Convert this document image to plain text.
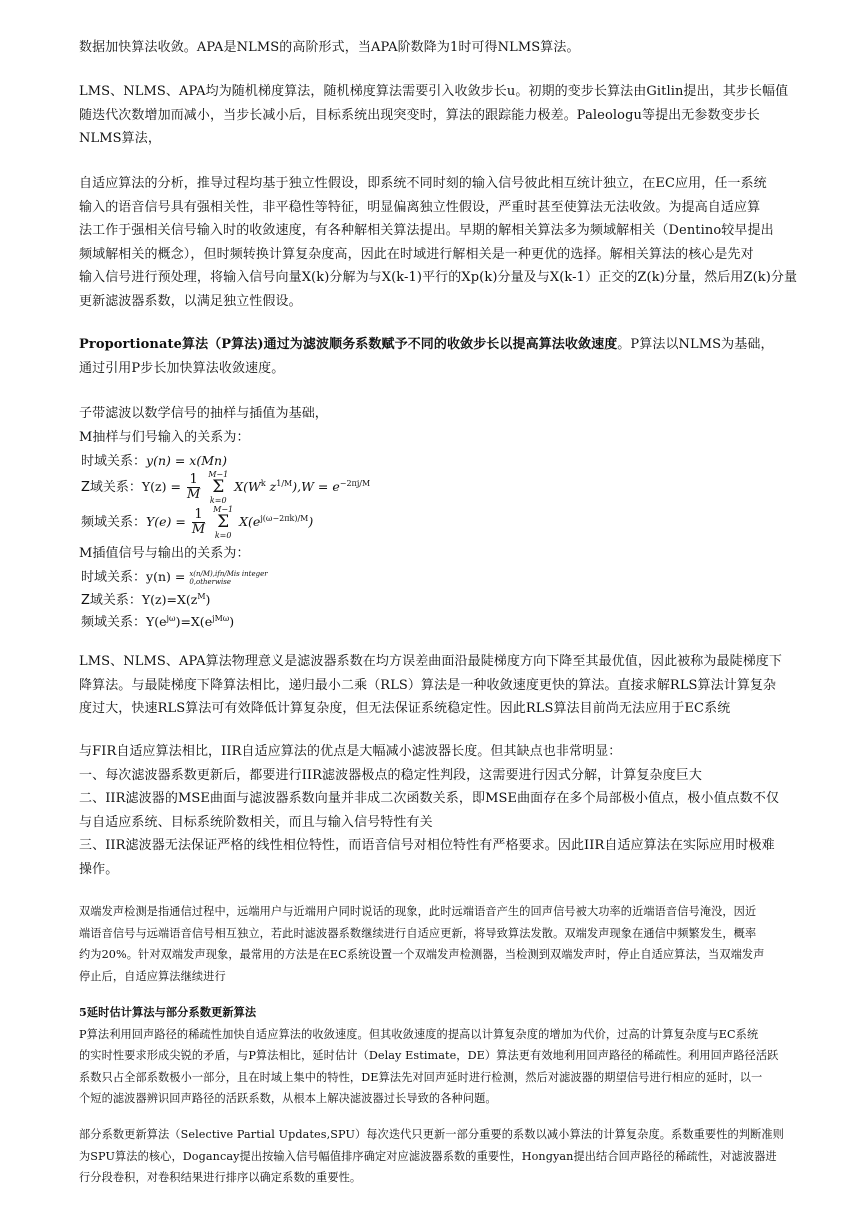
数据加快算法收敛。APA是NLMS的高阶形式，当APA阶数降为1时可得NLMS算法。

LMS、NLMS、APA均为随机梯度算法，随机梯度算法需要引入收敛步长u。初期的变步长算法由Gitlin提出，其步长幅值
随迭代次数增加而减小，当步长减小后，目标系统出现突变时，算法的跟踪能力极差。Paleologu等提出无参数变步长
NLMS算法，

自适应算法的分析，推导过程均基于独立性假设，即系统不同时刻的输入信号彼此相互统计独立，在EC应用，任一系统
输入的语音信号具有强相关性，非平稳性等特征，明显偏离独立性假设，严重时甚至使算法无法收敛。为提高自适应算
法工作于强相关信号输入时的收敛速度，有各种解相关算法提出。早期的解相关算法多为频域解相关（Dentino较早提出
频域解相关的概念），但时频转换计算复杂度高，因此在时域进行解相关是一种更优的选择。解相关算法的核心是先对
输入信号进行预处理，将输入信号向量X(k)分解为与X(k-1)平行的Xp(k)分量及与X(k-1）正交的Z(k)分量，然后用Z(k)分量
更新滤波器系数，以满足独立性假设。

Proportionate算法（P算法)通过为滤波顺务系数赋予不同的收敛步长以提高算法收敛速度。P算法以NLMS为基础，
通过引用P步长加快算法收敛速度。

子带滤波以数学信号的抽样与插值为基础，
M抽样与们号输入的关系为：

时域关系：y(n) = x(Mn)
Z域关系：$Y(z) = \frac{1}{M}$
M−1
Σ
k=0
$X(W^k$ $z^{1/M}),W = e^{-2\pi j/M}$
频域关系：$Y(e) = \frac{1}{M}$
M−1
Σ
k=0
$X(e^{j(\omega-2\pi k)/M})$

M插值信号与输出的关系为：

时域关系：y(n) = x(n/M),ifn/Mis integer
0,otherwise
Z域关系：$Y(z)=X(z^M)$
频域关系：$Y(e^{j\omega})=X(e^{jM\omega})$

LMS、NLMS、APA算法物理意义是滤波器系数在均方误差曲面沿最陡梯度方向下降至其最优值，因此被称为最陡梯度下
降算法。与最陡梯度下降算法相比，递归最小二乘（RLS）算法是一种收敛速度更快的算法。直接求解RLS算法计算复杂
度过大，快速RLS算法可有效降低计算复杂度，但无法保证系统稳定性。因此RLS算法目前尚无法应用于EC系统

与FIR自适应算法相比，IIR自适应算法的优点是大幅减小滤波器长度。但其缺点也非常明显：
一、每次滤波器系数更新后，都要进行IIR滤波器极点的稳定性判段，这需要进行因式分解，计算复杂度巨大
二、IIR滤波器的MSE曲面与滤波器系数向量并非成二次函数关系，即MSE曲面存在多个局部极小值点，极小值点数不仅
与自适应系统、目标系统阶数相关，而且与输入信号特性有关
三、IIR滤波器无法保证严格的线性相位特性，而语音信号对相位特性有严格要求。因此IIR自适应算法在实际应用时极难
操作。

双端发声检测是指通信过程中，远端用户与近端用户同时说话的现象，此时远端语音产生的回声信号被大功率的近端语音信号淹没，因近
端语音信号与远端语音信号相互独立，若此时滤波器系数继续进行自适应更新，将导致算法发散。双端发声现象在通信中频繁发生，概率
约为20%。针对双端发声现象，最常用的方法是在EC系统设置一个双端发声检测器，当检测到双端发声时，停止自适应算法，当双端发声
停止后，自适应算法继续进行

5延时估计算法与部分系数更新算法
P算法利用回声路径的稀疏性加快自适应算法的收敛速度。但其收敛速度的提高以计算复杂度的增加为代价，过高的计算复杂度与EC系统
的实时性要求形成尖锐的矛盾，与P算法相比，延时估计（Delay Estimate，DE）算法更有效地利用回声路径的稀疏性。利用回声路径活跃
系数只占全部系数极小一部分，且在时域上集中的特性，DE算法先对回声延时进行检测，然后对滤波器的期望信号进行相应的延时，以一
个短的滤波器辨识回声路径的活跃系数，从根本上解决滤波器过长导致的各种问题。

部分系数更新算法（Selective Partial Updates,SPU）每次迭代只更新一部分重要的系数以减小算法的计算复杂度。系数重要性的判断准则
为SPU算法的核心，Dogancay提出按输入信号幅值排序确定对应滤波器系数的重要性，Hongyan提出结合回声路径的稀疏性，对滤波器进
行分段卷积，对卷积结果进行排序以确定系数的重要性。
